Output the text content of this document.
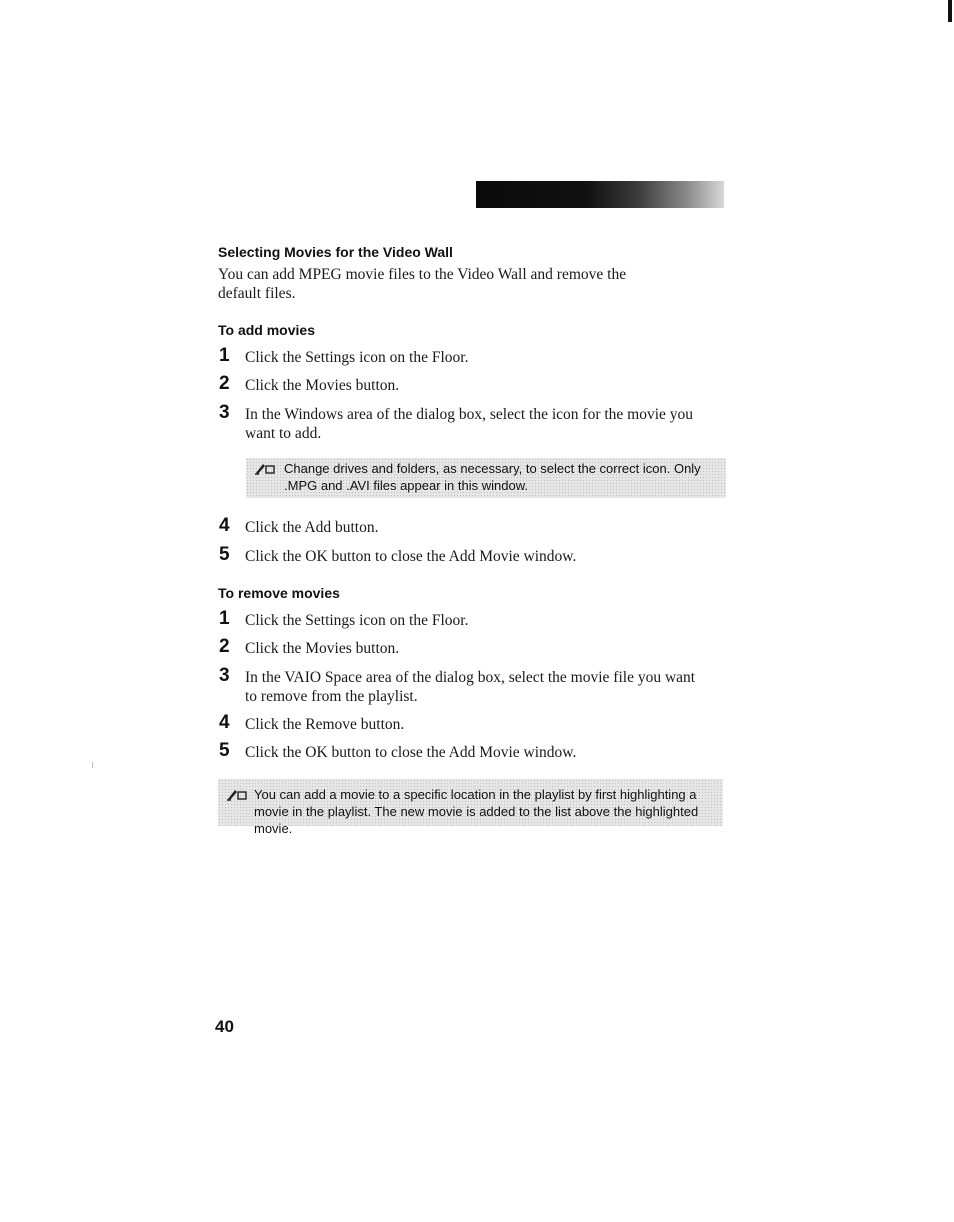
Selecting Movies for the Video Wall

You can add MPEG movie files to the Video Wall and remove the default files.

To add movies
1 Click the Settings icon on the Floor.
2 Click the Movies button.
3 In the Windows area of the dialog box, select the icon for the movie you want to add.
Change drives and folders, as necessary, to select the correct icon. Only .MPG and .AVI files appear in this window.
4 Click the Add button.
5 Click the OK button to close the Add Movie window.
To remove movies
1 Click the Settings icon on the Floor.
2 Click the Movies button.
3 In the VAIO Space area of the dialog box, select the movie file you want to remove from the playlist.
4 Click the Remove button.
5 Click the OK button to close the Add Movie window.
You can add a movie to a specific location in the playlist by first highlighting a movie in the playlist. The new movie is added to the list above the highlighted movie.
40
